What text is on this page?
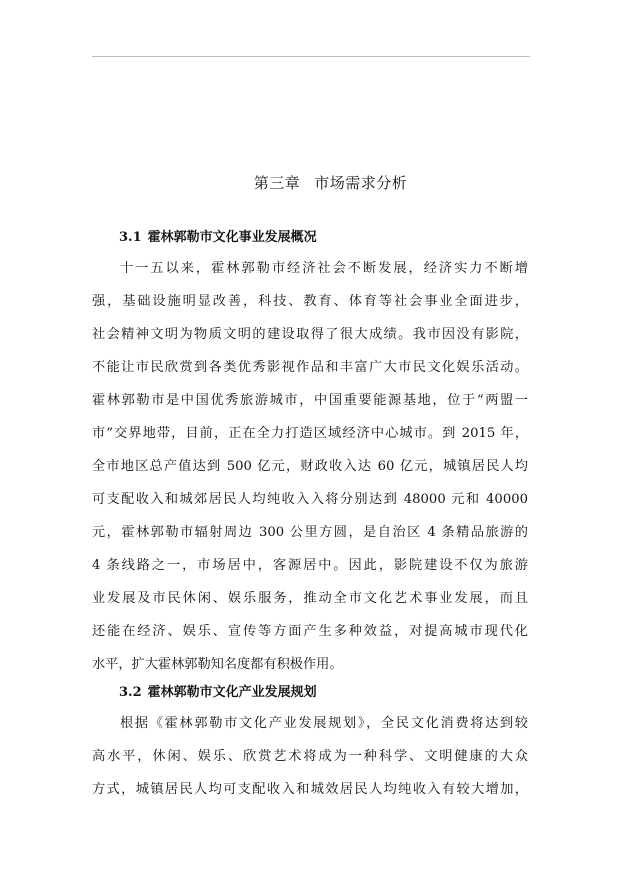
第三章 市场需求分析
3.1 霍林郭勒市文化事业发展概况
十一五以来，霍林郭勒市经济社会不断发展，经济实力不断增
强，基础设施明显改善，科技、教育、体育等社会事业全面进步，
社会精神文明为物质文明的建设取得了很大成绩。我市因没有影院，
不能让市民欣赏到各类优秀影视作品和丰富广大市民文化娱乐活动。
霍林郭勒市是中国优秀旅游城市，中国重要能源基地，位于“两盟一
市”交界地带，目前，正在全力打造区域经济中心城市。到 2015 年，
全市地区总产值达到 500 亿元，财政收入达 60 亿元，城镇居民人均
可支配收入和城郊居民人均纯收入入将分别达到 48000 元和 40000
元，霍林郭勒市辐射周边 300 公里方圆，是自治区 4 条精品旅游的
4 条线路之一，市场居中，客源居中。因此，影院建设不仅为旅游
业发展及市民休闲、娱乐服务，推动全市文化艺术事业发展，而且
还能在经济、娱乐、宣传等方面产生多种效益，对提高城市现代化
水平，扩大霍林郭勒知名度都有积极作用。
3.2 霍林郭勒市文化产业发展规划
根据《霍林郭勒市文化产业发展规划》，全民文化消费将达到较
高水平，休闲、娱乐、欣赏艺术将成为一种科学、文明健康的大众
方式，城镇居民人均可支配收入和城效居民人均纯收入有较大增加，
